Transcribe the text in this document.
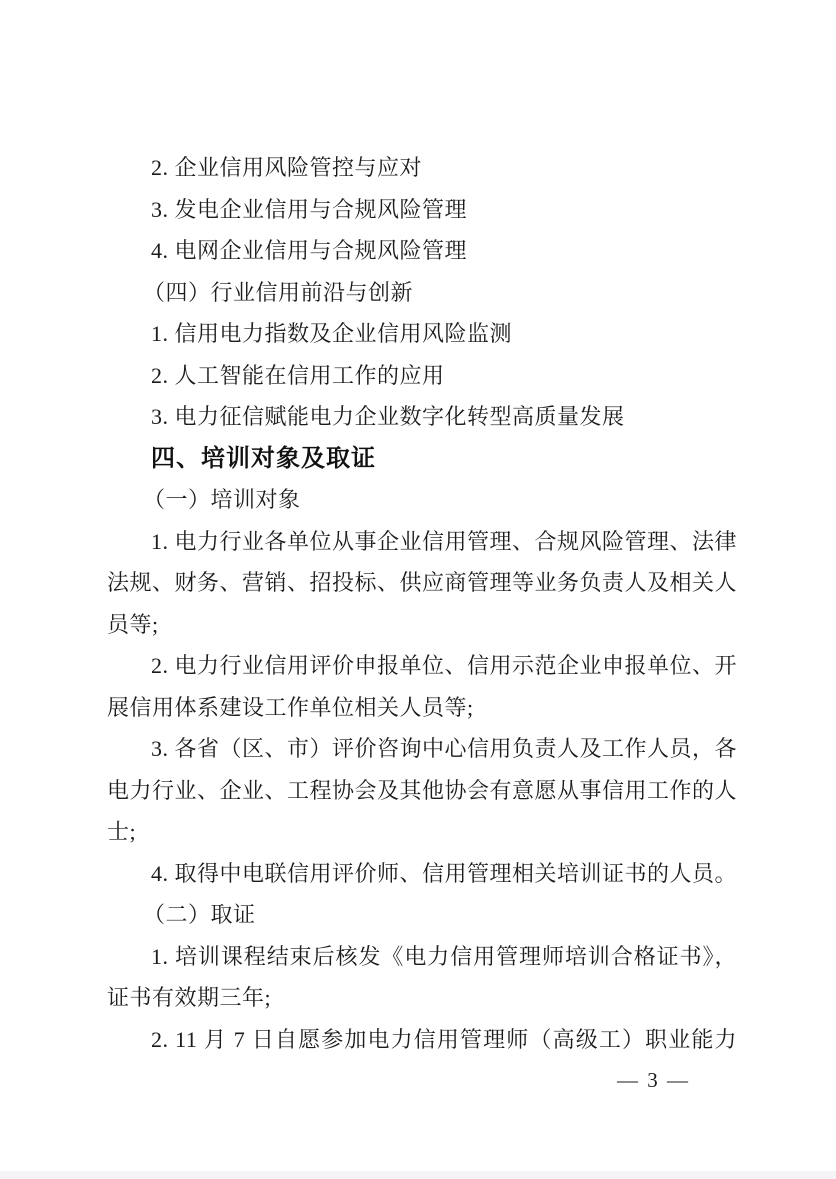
2. 企业信用风险管控与应对

3. 发电企业信用与合规风险管理

4. 电网企业信用与合规风险管理

（四）行业信用前沿与创新

1. 信用电力指数及企业信用风险监测

2. 人工智能在信用工作的应用

3. 电力征信赋能电力企业数字化转型高质量发展

四、培训对象及取证

（一）培训对象

1. 电力行业各单位从事企业信用管理、合规风险管理、法律

法规、财务、营销、招投标、供应商管理等业务负责人及相关人

员等;

2. 电力行业信用评价申报单位、信用示范企业申报单位、开

展信用体系建设工作单位相关人员等;

3. 各省（区、市）评价咨询中心信用负责人及工作人员，各

电力行业、企业、工程协会及其他协会有意愿从事信用工作的人

士;

4. 取得中电联信用评价师、信用管理相关培训证书的人员。

（二）取证

1. 培训课程结束后核发《电力信用管理师培训合格证书》，

证书有效期三年;

2. 11 月 7 日自愿参加电力信用管理师（高级工）职业能力

— 3 —
